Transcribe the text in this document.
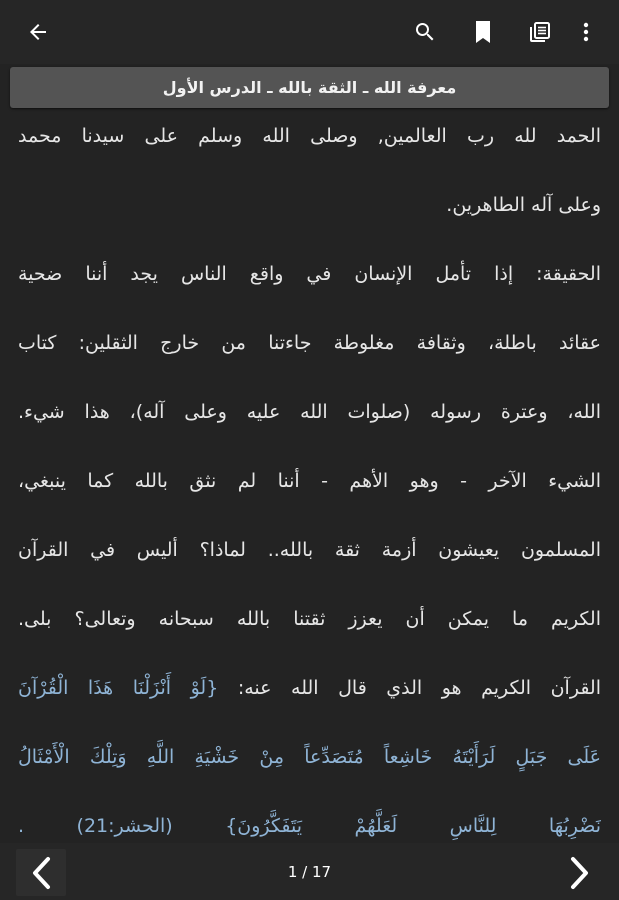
معرفة الله ـ الثقة بالله ـ الدرس الأول
الحمد لله رب العالمين, وصلى الله وسلم على سيدنا محمد
وعلى آله الطاهرين.
الحقيقة: إذا تأمل الإنسان في واقع الناس يجد أننا ضحية
عقائد باطلة، وثقافة مغلوطة جاءتنا من خارج الثقلين: كتاب
الله، وعترة رسوله (صلوات الله عليه وعلى آله)، هذا شيء.
الشيء الآخر - وهو الأهم - أننا لم نثق بالله كما ينبغي،
المسلمون يعيشون أزمة ثقة بالله.. لماذا؟ أليس في القرآن
الكريم ما يمكن أن يعزز ثقتنا بالله سبحانه وتعالى؟ بلى.
القرآن الكريم هو الذي قال الله عنه: {لَوْ أَنْزَلْنَا هَذَا الْقُرْآنَ
عَلَى جَبَلٍ لَرَأَيْتَهُ خَاشِعاً مُتَصَدِّعاً مِنْ خَشْيَةِ اللَّهِ وَتِلْكَ الْأَمْثَالُ
نَضْرِبُهَا لِلنَّاسِ لَعَلَّهُمْ يَتَفَكَّرُونَ} (الحشر:21) .
1 / 17
